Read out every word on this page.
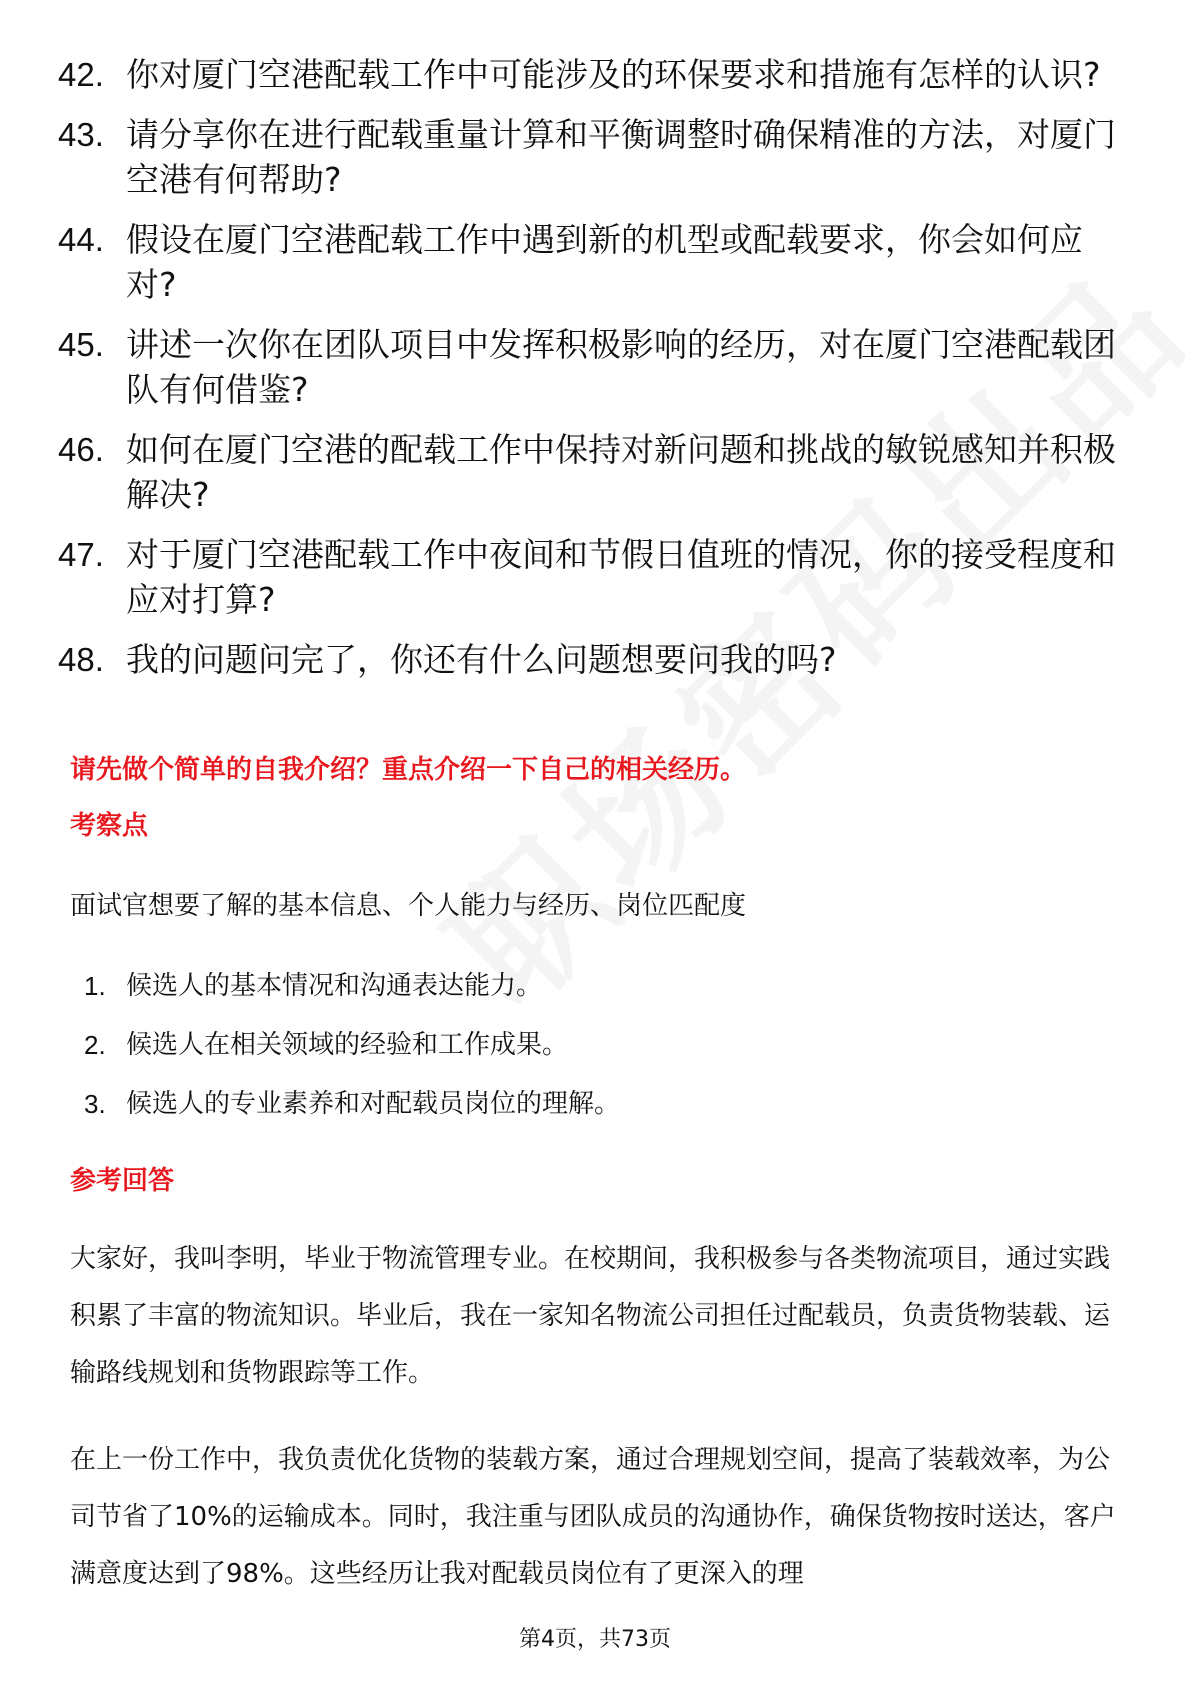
42. 你对厦门空港配载工作中可能涉及的环保要求和措施有怎样的认识?
43. 请分享你在进行配载重量计算和平衡调整时确保精准的方法，对厦门空港有何帮助?
44. 假设在厦门空港配载工作中遇到新的机型或配载要求，你会如何应对?
45. 讲述一次你在团队项目中发挥积极影响的经历，对在厦门空港配载团队有何借鉴?
46. 如何在厦门空港的配载工作中保持对新问题和挑战的敏锐感知并积极解决?
47. 对于厦门空港配载工作中夜间和节假日值班的情况，你的接受程度和应对打算?
48. 我的问题问完了，你还有什么问题想要问我的吗?
请先做个简单的自我介绍？重点介绍一下自己的相关经历。
考察点
面试官想要了解的基本信息、个人能力与经历、岗位匹配度
1. 候选人的基本情况和沟通表达能力。
2. 候选人在相关领域的经验和工作成果。
3. 候选人的专业素养和对配载员岗位的理解。
参考回答
大家好，我叫李明，毕业于物流管理专业。在校期间，我积极参与各类物流项目，通过实践积累了丰富的物流知识。毕业后，我在一家知名物流公司担任过配载员，负责货物装载、运输路线规划和货物跟踪等工作。
在上一份工作中，我负责优化货物的装载方案，通过合理规划空间，提高了装载效率，为公司节省了10%的运输成本。同时，我注重与团队成员的沟通协作，确保货物按时送达，客户满意度达到了98%。这些经历让我对配载员岗位有了更深入的理
第4页，共73页
